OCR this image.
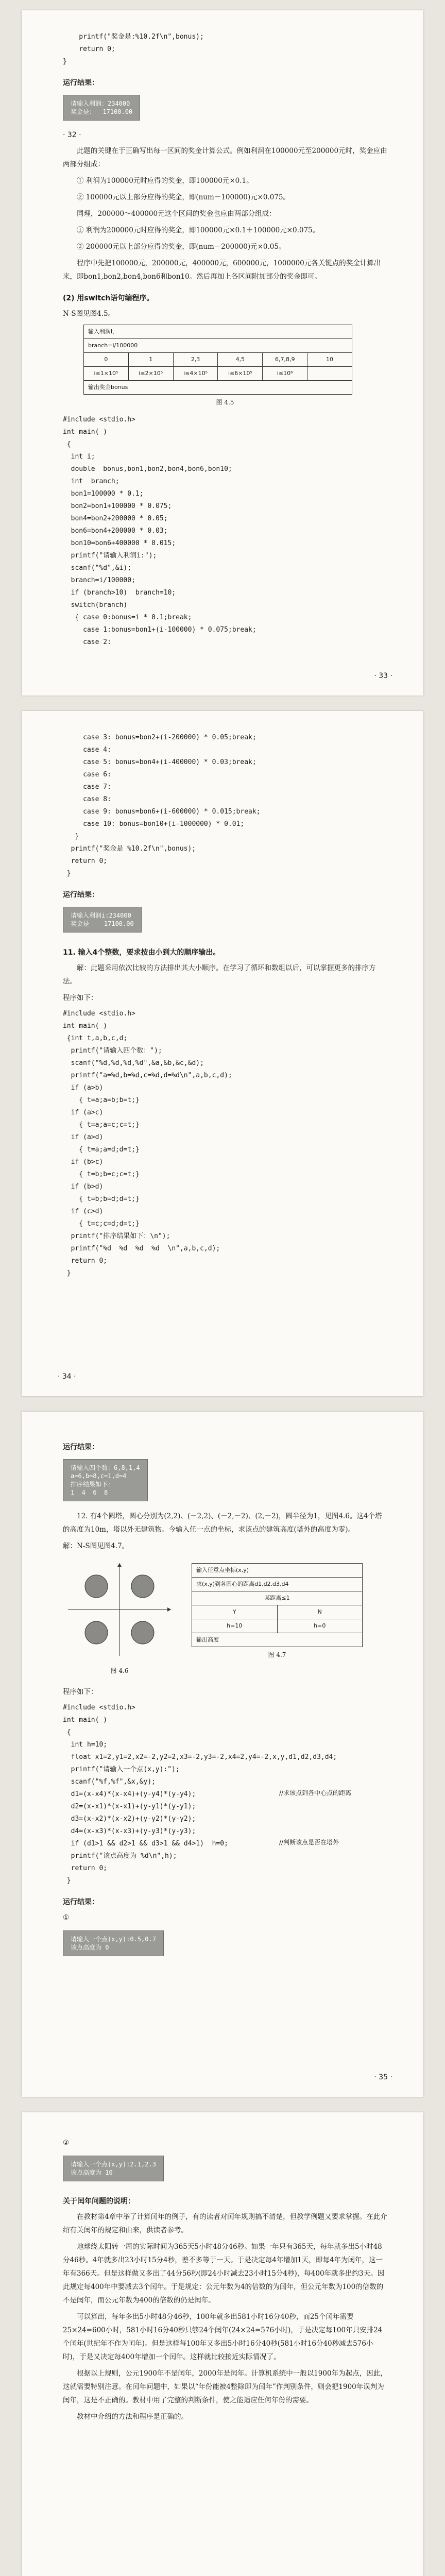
printf("奖金是:%10.2f\n",bonus);
return 0;
}
运行结果：
请输入利润：234000
奖金是：  17100.00
· 32 ·
此题的关键在于正确写出每一区间的奖金计算公式。例如利润在100000元至200000元时，奖金应由两部分组成：
① 利润为100000元时应得的奖金，即100000元×0.1。
② 100000元以上部分应得的奖金，即(num－100000)元×0.075。
同理，200000～400000元这个区间的奖金也应由两部分组成：
① 利润为200000元时应得的奖金，即100000元×0.1＋100000元×0.075。
② 200000元以上部分应得的奖金，即(num－200000)元×0.05。
程序中先把100000元，200000元，400000元，600000元，1000000元各关键点的奖金计算出来，即bon1,bon2,bon4,bon6和bon10。然后再加上各区间附加部分的奖金即可。
(2) 用switch语句编程序。
N-S图见图4.5。
输入利润i，
branch=i/100000
0	1	2,3	4,5	6,7,8,9	10
i≤1×10⁵	i≤2×10⁵	i≤4×10⁵	i≤6×10⁵	i≤10⁶
输出奖金bonus
图 4.5
#include <stdio.h>
int main( )
{
int i;
double  bonus,bon1,bon2,bon4,bon6,bon10;
int  branch;
bon1=100000 * 0.1;
bon2=bon1+100000 * 0.075;
bon4=bon2+200000 * 0.05;
bon6=bon4+200000 * 0.03;
bon10=bon6+400000 * 0.015;
printf("请输入利润i:");
scanf("%d",&i);
branch=i/100000;
if (branch>10)  branch=10;
switch(branch)
{ case 0:bonus=i * 0.1;break;
case 1:bonus=bon1+(i-100000) * 0.075;break;
case 2:
· 33 ·
case 3: bonus=bon2+(i-200000) * 0.05;break;
case 4:
case 5: bonus=bon4+(i-400000) * 0.03;break;
case 6:
case 7:
case 8:
case 9: bonus=bon6+(i-600000) * 0.015;break;
case 10: bonus=bon10+(i-1000000) * 0.01;
}
printf("奖金是 %10.2f\n",bonus);
return 0;
}
运行结果：
请输入利润i:234000
奖金是    17100.00
11. 输入4个整数，要求按由小到大的顺序输出。
解：此题采用依次比较的方法排出其大小顺序。在学习了循环和数组以后，可以掌握更多的排序方法。
程序如下：
#include <stdio.h>
int main( )
{int t,a,b,c,d;
printf("请输入四个数：");
scanf("%d,%d,%d,%d",&a,&b,&c,&d);
printf("a=%d,b=%d,c=%d,d=%d\n",a,b,c,d);
if (a>b)
{ t=a;a=b;b=t;}
if (a>c)
{ t=a;a=c;c=t;}
if (a>d)
{ t=a;a=d;d=t;}
if (b>c)
{ t=b;b=c;c=t;}
if (b>d)
{ t=b;b=d;d=t;}
if (c>d)
{ t=c;c=d;d=t;}
printf("排序结果如下：\n");
printf("%d  %d  %d  %d  \n",a,b,c,d);
return 0;
}
· 34 ·
运行结果：
请输入四个数：6,8,1,4
a=6,b=8,c=1,d=4
排序结果如下：
1  4  6  8
12. 有4个圆塔，圆心分别为(2,2)、(－2,2)、(－2,－2)、(2,－2)，圆半径为1，见图4.6。这4个塔的高度为10m，塔以外无建筑物。今输入任一点的坐标，求该点的建筑高度(塔外的高度为零)。
解：N-S图见图4.7。
图 4.6
输入任意点坐标(x,y)
求(x,y)到各圆心的距离d1,d2,d3,d4
某距离≤1
Y	N
h=10	h=0
输出高度
图 4.7
程序如下：
#include <stdio.h>
int main( )
{
int h=10;
float x1=2,y1=2,x2=-2,y2=2,x3=-2,y3=-2,x4=2,y4=-2,x,y,d1,d2,d3,d4;
printf("请输入一个点(x,y):");
scanf("%f,%f",&x,&y);
d1=(x-x4)*(x-x4)+(y-y4)*(y-y4);
d2=(x-x1)*(x-x1)+(y-y1)*(y-y1);
d3=(x-x2)*(x-x2)+(y-y2)*(y-y2);
d4=(x-x3)*(x-x3)+(y-y3)*(y-y3);
if (d1>1 && d2>1 && d3>1 && d4>1)  h=0;
printf("该点高度为 %d\n",h);
return 0;
}
//求该点到各中心点的距离
//判断该点是否在塔外
运行结果：
①
请输入一个点(x,y):0.5,0.7
该点高度为 0
· 35 ·
②
请输入一个点(x,y):2.1,2.3
该点高度为 10
关于闰年问题的说明：
在教材第4章中举了计算闰年的例子，有的读者对闰年规则搞不清楚，但教学例题又要求掌握。在此介绍有关闰年的规定和由来，供读者参考。
地球绕太阳转一周的实际时间为365天5小时48分46秒。如果一年只有365天，每年就多出5小时48分46秒。4年就多出23小时15分4秒，差不多等于一天。于是决定每4年增加1天，即每4年为闰年，这一年有366天。但是这样做又多出了44分56秒(即24小时减去23小时15分4秒)，每400年就多出约3天。因此规定每400年中要减去3个闰年。于是规定：公元年数为4的倍数的为闰年，但公元年数为100的倍数的不是闰年，而公元年数为400的倍数的仍是闰年。
可以算出，每年多出5小时48分46秒，100年就多出581小时16分40秒，而25个闰年需要25×24=600小时，581小时16分40秒只够24个闰年(24×24=576小时)，于是决定每100年只安排24个闰年(世纪年不作为闰年)。但是这样每100年又多出5小时16分40秒(581小时16分40秒减去576小时)，于是又决定每400年增加一个闰年。这样就比较接近实际情况了。
根据以上规则，公元1900年不是闰年，2000年是闰年。计算机系统中一般以1900年为起点，因此，这就需要特别注意。在闰年问题中，如果以“年份能被4整除即为闰年”作判别条件，则会把1900年误判为闰年，这是不正确的。教材中用了完整的判断条件，使之能适应任何年份的需要。
教材中介绍的方法和程序是正确的。
